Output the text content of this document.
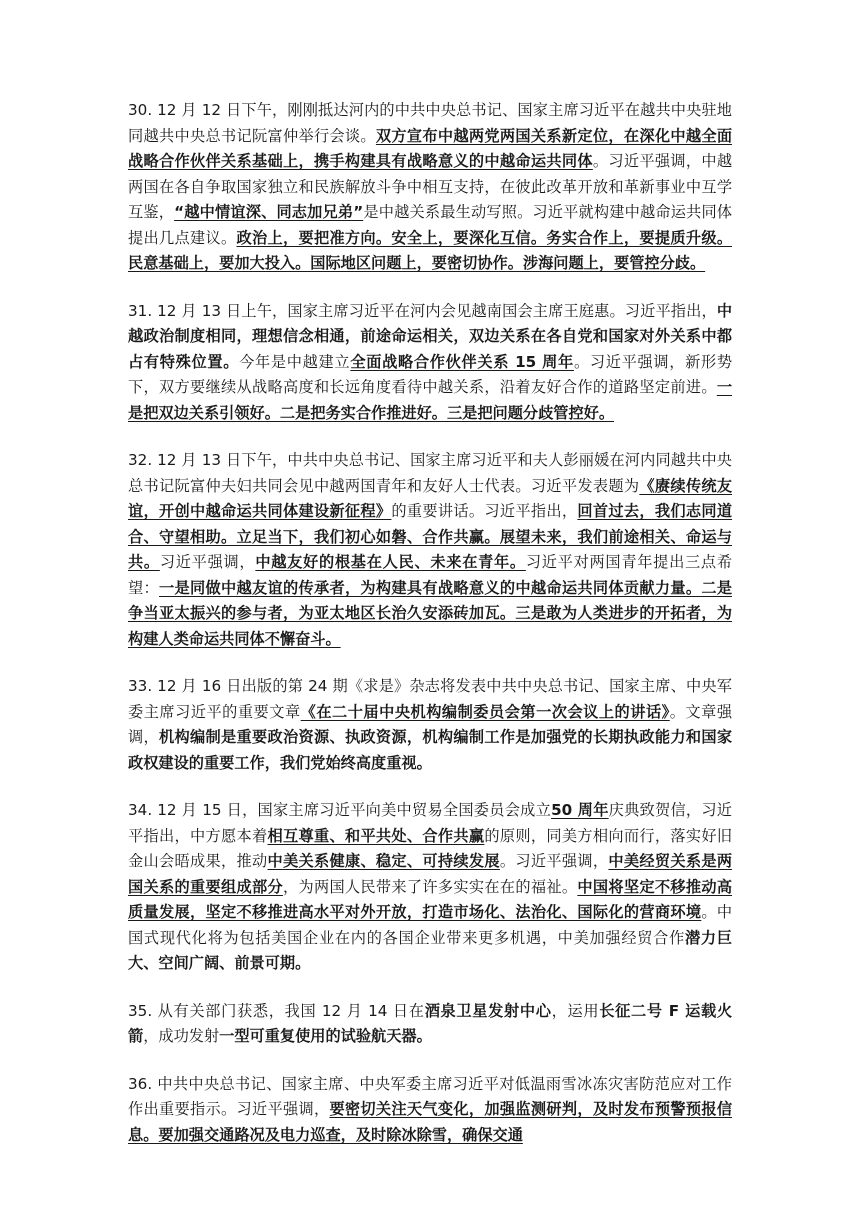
30. 12 月 12 日下午，刚刚抵达河内的中共中央总书记、国家主席习近平在越共中央驻地同越共中央总书记阮富仲举行会谈。双方宣布中越两党两国关系新定位，在深化中越全面战略合作伙伴关系基础上，携手构建具有战略意义的中越命运共同体。习近平强调，中越两国在各自争取国家独立和民族解放斗争中相互支持，在彼此改革开放和革新事业中互学互鉴，“越中情谊深、同志加兄弟”是中越关系最生动写照。习近平就构建中越命运共同体提出几点建议。政治上，要把准方向。安全上，要深化互信。务实合作上，要提质升级。民意基础上，要加大投入。国际地区问题上，要密切协作。涉海问题上，要管控分歧。

31. 12 月 13 日上午，国家主席习近平在河内会见越南国会主席王庭惠。习近平指出，中越政治制度相同，理想信念相通，前途命运相关，双边关系在各自党和国家对外关系中都占有特殊位置。今年是中越建立全面战略合作伙伴关系 15 周年。习近平强调，新形势下，双方要继续从战略高度和长远角度看待中越关系，沿着友好合作的道路坚定前进。一是把双边关系引领好。二是把务实合作推进好。三是把问题分歧管控好。

32. 12 月 13 日下午，中共中央总书记、国家主席习近平和夫人彭丽媛在河内同越共中央总书记阮富仲夫妇共同会见中越两国青年和友好人士代表。习近平发表题为《赓续传统友谊，开创中越命运共同体建设新征程》的重要讲话。习近平指出，回首过去，我们志同道合、守望相助。立足当下，我们初心如磐、合作共赢。展望未来，我们前途相关、命运与共。习近平强调，中越友好的根基在人民、未来在青年。习近平对两国青年提出三点希望：一是同做中越友谊的传承者，为构建具有战略意义的中越命运共同体贡献力量。二是争当亚太振兴的参与者，为亚太地区长治久安添砖加瓦。三是敢为人类进步的开拓者，为构建人类命运共同体不懈奋斗。

33. 12 月 16 日出版的第 24 期《求是》杂志将发表中共中央总书记、国家主席、中央军委主席习近平的重要文章《在二十届中央机构编制委员会第一次会议上的讲话》。文章强调，机构编制是重要政治资源、执政资源，机构编制工作是加强党的长期执政能力和国家政权建设的重要工作，我们党始终高度重视。

34. 12 月 15 日，国家主席习近平向美中贸易全国委员会成立50 周年庆典致贺信，习近平指出，中方愿本着相互尊重、和平共处、合作共赢的原则，同美方相向而行，落实好旧金山会晤成果，推动中美关系健康、稳定、可持续发展。习近平强调，中美经贸关系是两国关系的重要组成部分，为两国人民带来了许多实实在在的福祉。中国将坚定不移推动高质量发展，坚定不移推进高水平对外开放，打造市场化、法治化、国际化的营商环境。中国式现代化将为包括美国企业在内的各国企业带来更多机遇，中美加强经贸合作潜力巨大、空间广阔、前景可期。

35. 从有关部门获悉，我国 12 月 14 日在酒泉卫星发射中心，运用长征二号 F 运载火箭，成功发射一型可重复使用的试验航天器。

36. 中共中央总书记、国家主席、中央军委主席习近平对低温雨雪冰冻灾害防范应对工作作出重要指示。习近平强调，要密切关注天气变化，加强监测研判，及时发布预警预报信息。要加强交通路况及电力巡查，及时除冰除雪，确保交通
